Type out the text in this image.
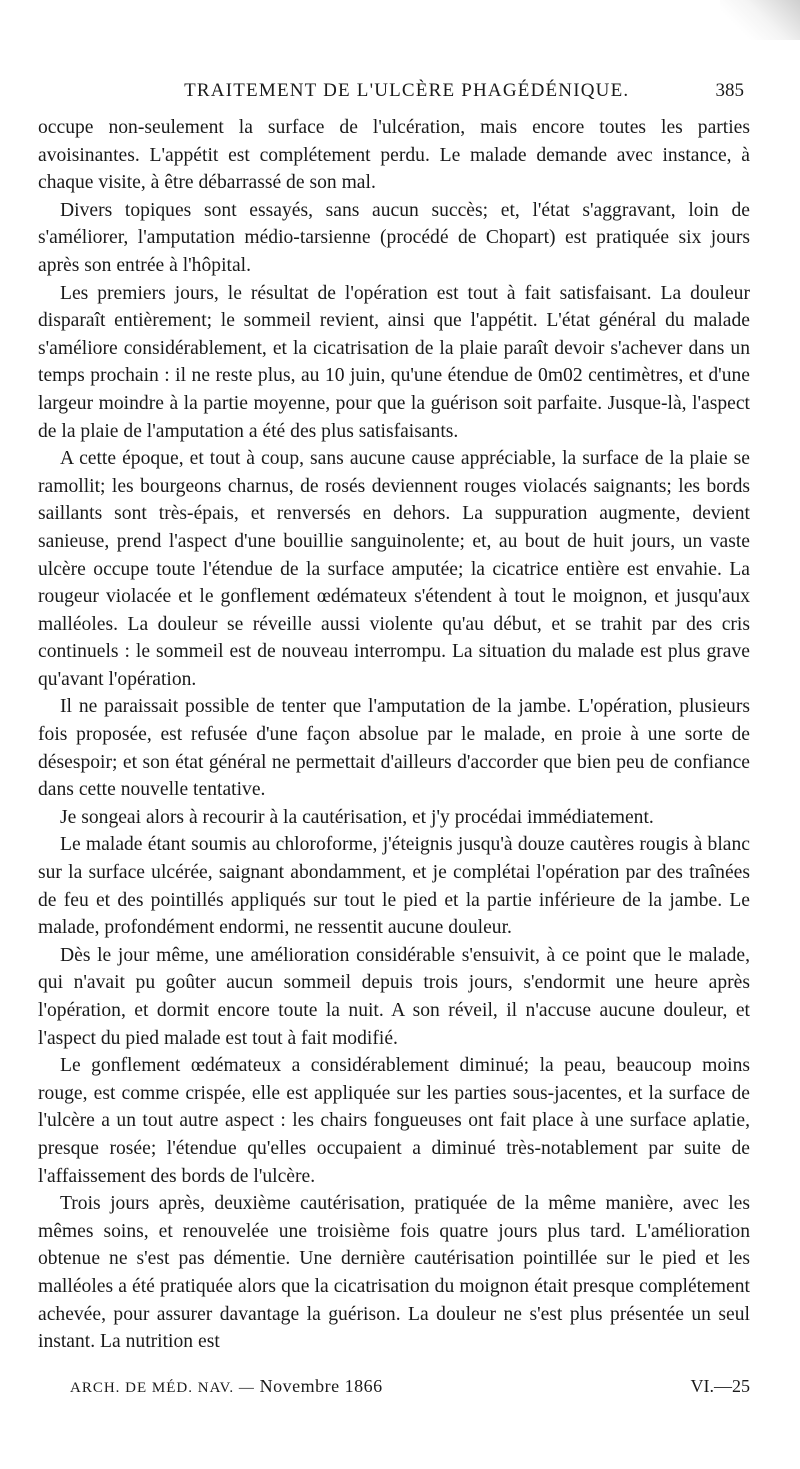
TRAITEMENT DE L'ULCÈRE PHAGÉDÉNIQUE.	385

occupe non-seulement la surface de l'ulcération, mais encore toutes les parties avoisinantes. L'appétit est complétement perdu. Le malade demande avec instance, à chaque visite, à être débarrassé de son mal.

Divers topiques sont essayés, sans aucun succès; et, l'état s'aggravant, loin de s'améliorer, l'amputation médio-tarsienne (procédé de Chopart) est pratiquée six jours après son entrée à l'hôpital.

Les premiers jours, le résultat de l'opération est tout à fait satisfaisant. La douleur disparaît entièrement; le sommeil revient, ainsi que l'appétit. L'état général du malade s'améliore considérablement, et la cicatrisation de la plaie paraît devoir s'achever dans un temps prochain : il ne reste plus, au 10 juin, qu'une étendue de 0m02 centimètres, et d'une largeur moindre à la partie moyenne, pour que la guérison soit parfaite. Jusque-là, l'aspect de la plaie de l'amputation a été des plus satisfaisants.

A cette époque, et tout à coup, sans aucune cause appréciable, la surface de la plaie se ramollit; les bourgeons charnus, de rosés deviennent rouges violacés saignants; les bords saillants sont très-épais, et renversés en dehors. La suppuration augmente, devient sanieuse, prend l'aspect d'une bouillie sanguinolente; et, au bout de huit jours, un vaste ulcère occupe toute l'étendue de la surface amputée; la cicatrice entière est envahie. La rougeur violacée et le gonflement œdémateux s'étendent à tout le moignon, et jusqu'aux malléoles. La douleur se réveille aussi violente qu'au début, et se trahit par des cris continuels : le sommeil est de nouveau interrompu. La situation du malade est plus grave qu'avant l'opération.

Il ne paraissait possible de tenter que l'amputation de la jambe. L'opération, plusieurs fois proposée, est refusée d'une façon absolue par le malade, en proie à une sorte de désespoir; et son état général ne permettait d'ailleurs d'accorder que bien peu de confiance dans cette nouvelle tentative.

Je songeai alors à recourir à la cautérisation, et j'y procédai immédiatement.

Le malade étant soumis au chloroforme, j'éteignis jusqu'à douze cautères rougis à blanc sur la surface ulcérée, saignant abondamment, et je complétai l'opération par des traînées de feu et des pointillés appliqués sur tout le pied et la partie inférieure de la jambe. Le malade, profondément endormi, ne ressentit aucune douleur.

Dès le jour même, une amélioration considérable s'ensuivit, à ce point que le malade, qui n'avait pu goûter aucun sommeil depuis trois jours, s'endormit une heure après l'opération, et dormit encore toute la nuit. A son réveil, il n'accuse aucune douleur, et l'aspect du pied malade est tout à fait modifié.

Le gonflement œdémateux a considérablement diminué; la peau, beaucoup moins rouge, est comme crispée, elle est appliquée sur les parties sous-jacentes, et la surface de l'ulcère a un tout autre aspect : les chairs fongueuses ont fait place à une surface aplatie, presque rosée; l'étendue qu'elles occupaient a diminué très-notablement par suite de l'affaissement des bords de l'ulcère.

Trois jours après, deuxième cautérisation, pratiquée de la même manière, avec les mêmes soins, et renouvelée une troisième fois quatre jours plus tard. L'amélioration obtenue ne s'est pas démentie. Une dernière cautérisation pointillée sur le pied et les malléoles a été pratiquée alors que la cicatrisation du moignon était presque complétement achevée, pour assurer davantage la guérison. La douleur ne s'est plus présentée un seul instant. La nutrition est

ARCH. DE MÉD. NAV. — Novembre 1866	VI.—25
